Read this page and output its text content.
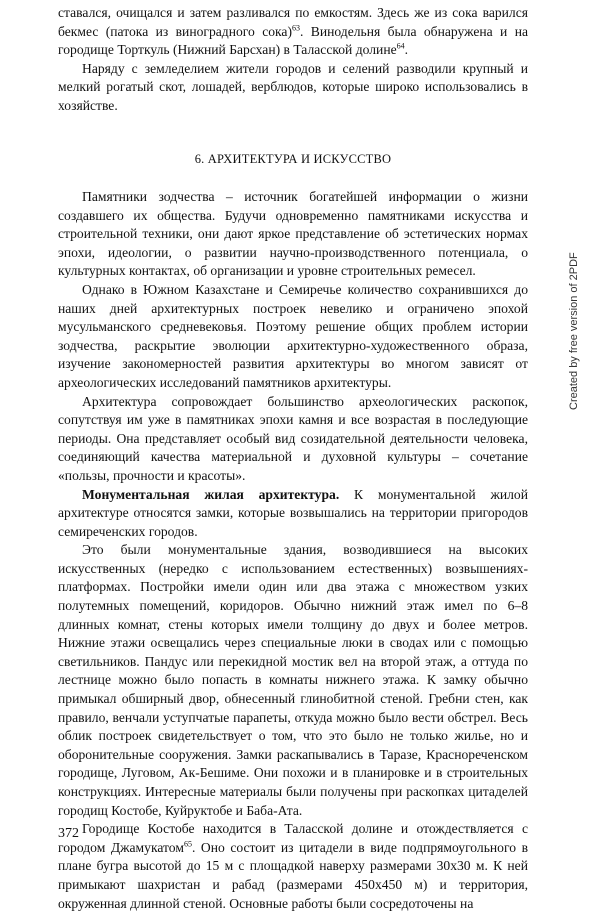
ставался, очищался и затем разливался по емкостям. Здесь же из сока варился бекмес (патока из виноградного сока)$^{63}$. Винодельня была обнаружена и на городище Торткуль (Нижний Барсхан) в Таласской долине$^{64}$.

Наряду с земледелием жители городов и селений разводили крупный и мелкий рогатый скот, лошадей, верблюдов, которые широко использовались в хозяйстве.

6. АРХИТЕКТУРА И ИСКУССТВО

Памятники зодчества – источник богатейшей информации о жизни создавшего их общества. Будучи одновременно памятниками искусства и строительной техники, они дают яркое представление об эстетических нормах эпохи, идеологии, о развитии научно-производственного потенциала, о культурных контактах, об организации и уровне строительных ремесел.

Однако в Южном Казахстане и Семиречье количество сохранившихся до наших дней архитектурных построек невелико и ограничено эпохой мусульманского средневековья. Поэтому решение общих проблем истории зодчества, раскрытие эволюции архитектурно-художественного образа, изучение закономерностей развития архитектуры во многом зависят от археологических исследований памятников архитектуры.

Архитектура сопровождает большинство археологических раскопок, сопутствуя им уже в памятниках эпохи камня и все возрастая в последующие периоды. Она представляет особый вид созидательной деятельности человека, соединяющий качества материальной и духовной культуры – сочетание «пользы, прочности и красоты».

Монументальная жилая архитектура. К монументальной жилой архитектуре относятся замки, которые возвышались на территории пригородов семиреченских городов.

Это были монументальные здания, возводившиеся на высоких искусственных (нередко с использованием естественных) возвышениях-платформах. Постройки имели один или два этажа с множеством узких полутемных помещений, коридоров. Обычно нижний этаж имел по 6–8 длинных комнат, стены которых имели толщину до двух и более метров. Нижние этажи освещались через специальные люки в сводах или с помощью светильников. Пандус или перекидной мостик вел на второй этаж, а оттуда по лестнице можно было попасть в комнаты нижнего этажа. К замку обычно примыкал обширный двор, обнесенный глинобитной стеной. Гребни стен, как правило, венчали уступчатые парапеты, откуда можно было вести обстрел. Весь облик построек свидетельствует о том, что это было не только жилье, но и оборонительные сооружения. Замки раскапывались в Таразе, Краснореченском городище, Луговом, Ак-Бешиме. Они похожи и в планировке и в строительных конструкциях. Интересные материалы были получены при раскопках цитаделей городищ Костобе, Куйруктобе и Баба-Ата.

Городище Костобе находится в Таласской долине и отождествляется с городом Джамукатом$^{65}$. Оно состоит из цитадели в виде подпрямоугольного в плане бугра высотой до 15 м с площадкой наверху размерами 30х30 м. К ней примыкают шахристан и рабад (размерами 450х450 м) и территория, окруженная длинной стеной. Основные работы были сосредоточены на

Created by free version of 2PDF
372
